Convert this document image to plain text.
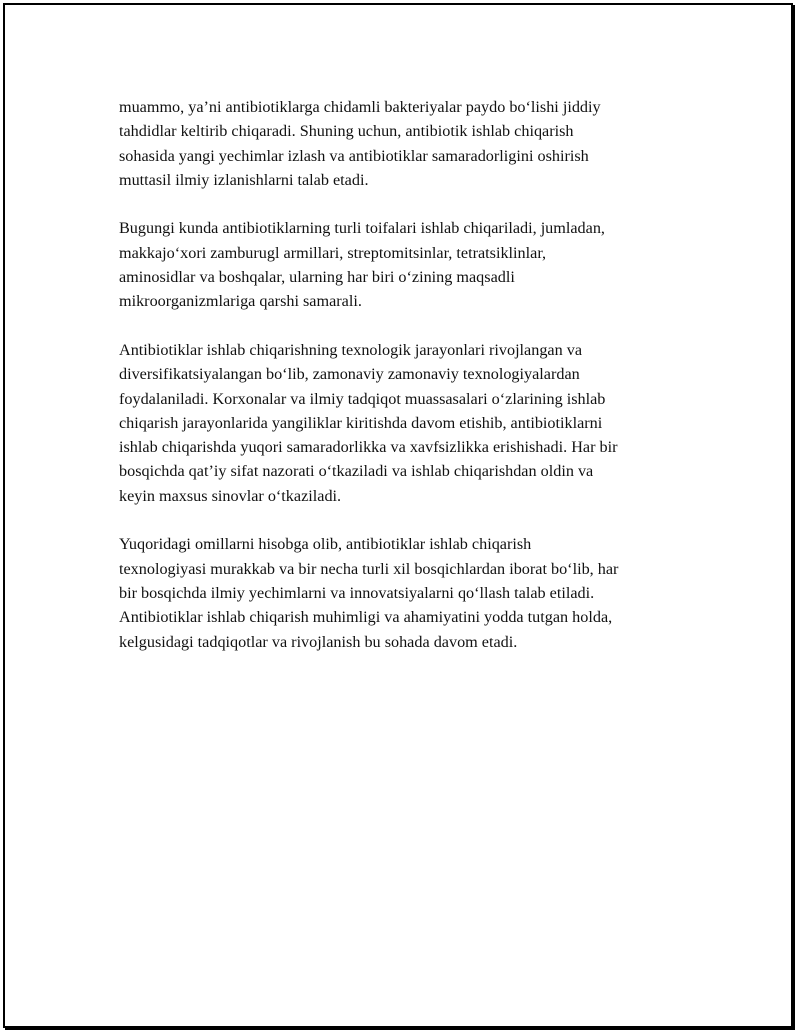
muammo, ya’ni antibiotiklarga chidamli bakteriyalar paydo bo‘lishi jiddiy
tahdidlar keltirib chiqaradi. Shuning uchun, antibiotik ishlab chiqarish
sohasida yangi yechimlar izlash va antibiotiklar samaradorligini oshirish
muttasil ilmiy izlanishlarni talab etadi.

Bugungi kunda antibiotiklarning turli toifalari ishlab chiqariladi, jumladan,
makkajo‘xori zamburugl armillari, streptomitsinlar, tetratsiklinlar,
aminosidlar va boshqalar, ularning har biri o‘zining maqsadli
mikroorganizmlariga qarshi samarali.

Antibiotiklar ishlab chiqarishning texnologik jarayonlari rivojlangan va
diversifikatsiyalangan bo‘lib, zamonaviy zamonaviy texnologiyalardan
foydalaniladi. Korxonalar va ilmiy tadqiqot muassasalari o‘zlarining ishlab
chiqarish jarayonlarida yangiliklar kiritishda davom etishib, antibiotiklarni
ishlab chiqarishda yuqori samaradorlikka va xavfsizlikka erishishadi. Har bir
bosqichda qat’iy sifat nazorati o‘tkaziladi va ishlab chiqarishdan oldin va
keyin maxsus sinovlar o‘tkaziladi.

Yuqoridagi omillarni hisobga olib, antibiotiklar ishlab chiqarish
texnologiyasi murakkab va bir necha turli xil bosqichlardan iborat bo‘lib, har
bir bosqichda ilmiy yechimlarni va innovatsiyalarni qo‘llash talab etiladi.
Antibiotiklar ishlab chiqarish muhimligi va ahamiyatini yodda tutgan holda,
kelgusidagi tadqiqotlar va rivojlanish bu sohada davom etadi.
